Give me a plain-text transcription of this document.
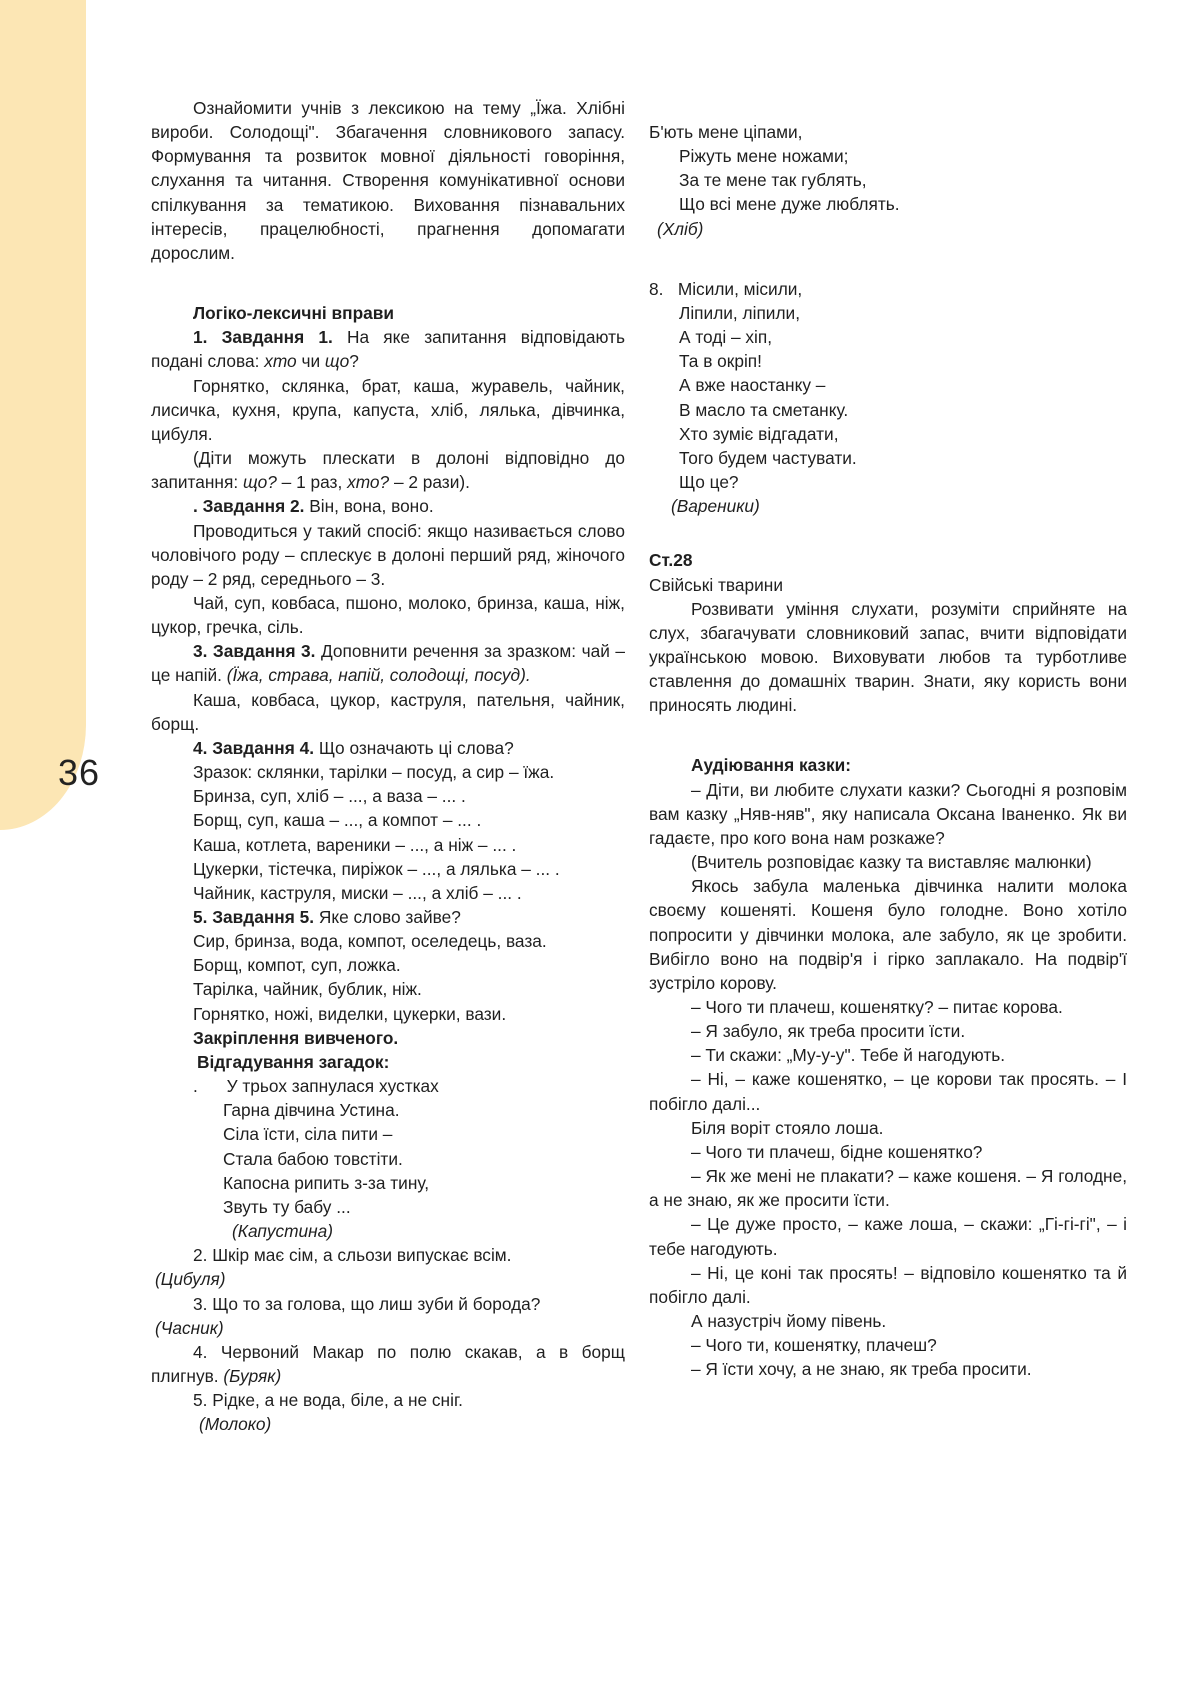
36

Ознайомити учнів з лексикою на тему „Їжа. Хлібні вироби. Солодощі". Збагачення словникового запасу. Формування та розвиток мовної діяльності говоріння, слухання та читання. Створення комунікативної основи спілкування за тематикою. Виховання пізнавальних інтересів, працелюбності, прагнення допомагати дорослим.

Логіко-лексичні вправи

1. Завдання 1. На яке запитання відповідають подані слова: хто чи що?

Горнятко, склянка, брат, каша, журавель, чайник, лисичка, кухня, крупа, капуста, хліб, лялька, дівчинка, цибуля.

(Діти можуть плескати в долоні відповідно до запитання: що? – 1 раз, хто? – 2 рази).

. Завдання 2. Він, вона, воно.

Проводиться у такий спосіб: якщо називається слово чоловічого роду – сплескує в долоні перший ряд, жіночого роду – 2 ряд, середнього – 3.

Чай, суп, ковбаса, пшоно, молоко, бринза, каша, ніж, цукор, гречка, сіль.

3. Завдання 3. Доповнити речення за зразком: чай – це напій. (Їжа, страва, напій, солодощі, посуд).

Каша, ковбаса, цукор, каструля, пательня, чайник, борщ.

4. Завдання 4. Що означають ці слова?

Зразок: склянки, тарілки – посуд, а сир – їжа.

Бринза, суп, хліб – ..., а ваза – ... .

Борщ, суп, каша – ..., а компот – ... .

Каша, котлета, вареники – ..., а ніж – ... .

Цукерки, тістечка, пиріжок – ..., а лялька – ... .

Чайник, каструля, миски – ..., а хліб – ... .

5. Завдання 5. Яке слово зайве?

Сир, бринза, вода, компот, оселедець, ваза.

Борщ, компот, суп, ложка.

Тарілка, чайник, бублик, ніж.

Горнятко, ножі, виделки, цукерки, вази.

Закріплення вивченого.

Відгадування загадок:

.      У трьох запнулася хустках

Гарна дівчина Устина.

Сіла їсти, сіла пити –

Стала бабою товстіти.

Капосна рипить з-за тину,

Звуть ту бабу ...

(Капустина)

2. Шкір має сім, а сльози випускає всім.

(Цибуля)

3. Що то за голова, що лиш зуби й борода?

(Часник)

4. Червоний Макар по полю скакав, а в борщ плигнув. (Буряк)

5. Рідке, а не вода, біле, а не сніг.

(Молоко)

Б'ють мене ціпами,

Ріжуть мене ножами;

За те мене так гублять,

Що всі мене дуже люблять.

(Хліб)

8.   Місили, місили,

Ліпили, ліпили,

А тоді – хіп,

Та в окріп!

А вже наостанку –

В масло та сметанку.

Хто зуміє відгадати,

Того будем частувати.

Що це?

(Вареники)

Ст.28

Свійські тварини

Розвивати уміння слухати, розуміти сприйняте на слух, збагачувати словниковий запас, вчити відповідати українською мовою. Виховувати любов та турботливе ставлення до домашніх тварин. Знати, яку користь вони приносять людині.

Аудіювання казки:

– Діти, ви любите слухати казки? Сьогодні я розповім вам казку „Няв-няв", яку написала Оксана Іваненко. Як ви гадаєте, про кого вона нам розкаже?

(Вчитель розповідає казку та виставляє малюнки)

Якось забула маленька дівчинка налити молока своєму кошеняті. Кошеня було голодне. Воно хотіло попросити у дівчинки молока, але забуло, як це зробити. Вибігло воно на подвір'я і гірко заплакало. На подвір'ї зустріло корову.

– Чого ти плачеш, кошенятку? – питає корова.

– Я забуло, як треба просити їсти.

– Ти скажи: „Му-у-у". Тебе й нагодують.

– Ні, – каже кошенятко, – це корови так просять. – І побігло далі...

Біля воріт стояло лоша.

– Чого ти плачеш, бідне кошенятко?

– Як же мені не плакати? – каже кошеня. – Я голодне, а не знаю, як же просити їсти.

– Це дуже просто, – каже лоша, – скажи: „Гі-гі-гі", – і тебе нагодують.

– Ні, це коні так просять! – відповіло кошенятко та й побігло далі.

А назустріч йому півень.

– Чого ти, кошенятку, плачеш?

– Я їсти хочу, а не знаю, як треба просити.
